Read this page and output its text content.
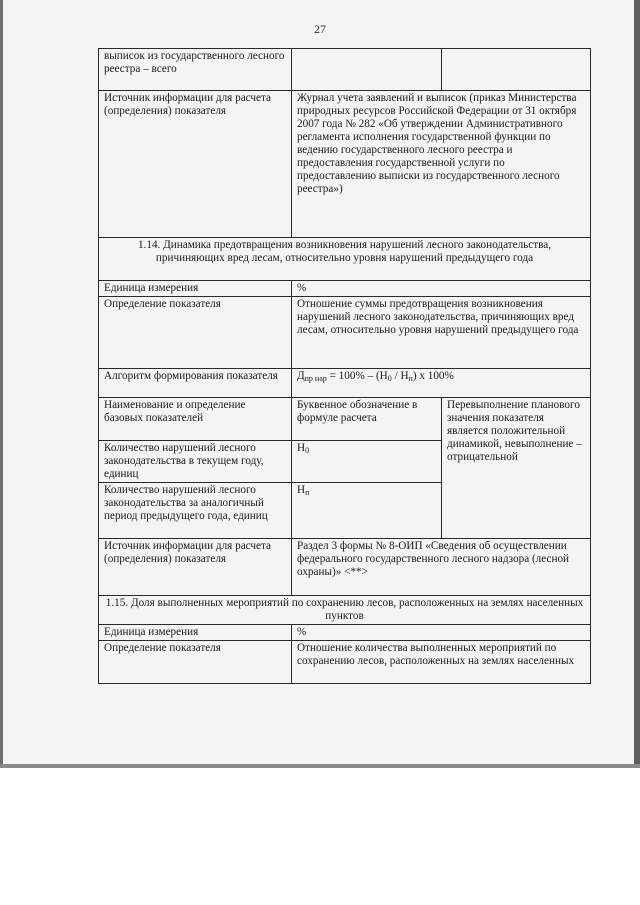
27
выписок из государственного лесного реестра – всего		
Источник информации для расчета (определения) показателя	Журнал учета заявлений и выписок (приказ Министерства природных ресурсов Российской Федерации от 31 октября 2007 года № 282 «Об утверждении Административного регламента исполнения государственной функции по ведению государственного лесного реестра и предоставления государственной услуги по предоставлению выписки из государственного лесного реестра»)	
1.14. Динамика предотвращения возникновения нарушений лесного законодательства, причиняющих вред лесам, относительно уровня нарушений предыдущего года		
Единица измерения	%	
Определение показателя	Отношение суммы предотвращения возникновения нарушений лесного законодательства, причиняющих вред лесам, относительно уровня нарушений предыдущего года	
Алгоритм формирования показателя	Дпр нар = 100% – (Н0 / Нп) х 100%	
Наименование и определение базовых показателей	Буквенное обозначение в формуле расчета	Перевыполнение планового значения показателя является положительной динамикой, невыполнение – отрицательной
Количество нарушений лесного законодательства в текущем году, единиц	Н0	
Количество нарушений лесного законодательства за аналогичный период предыдущего года, единиц	Нп	
Источник информации для расчета (определения) показателя	Раздел 3 формы № 8-ОИП «Сведения об осуществлении федерального государственного лесного надзора (лесной охраны)» <**>	
1.15. Доля выполненных мероприятий по сохранению лесов, расположенных на землях населенных пунктов		
Единица измерения	%	
Определение показателя	Отношение количества выполненных мероприятий по сохранению лесов, расположенных на землях населенных	
